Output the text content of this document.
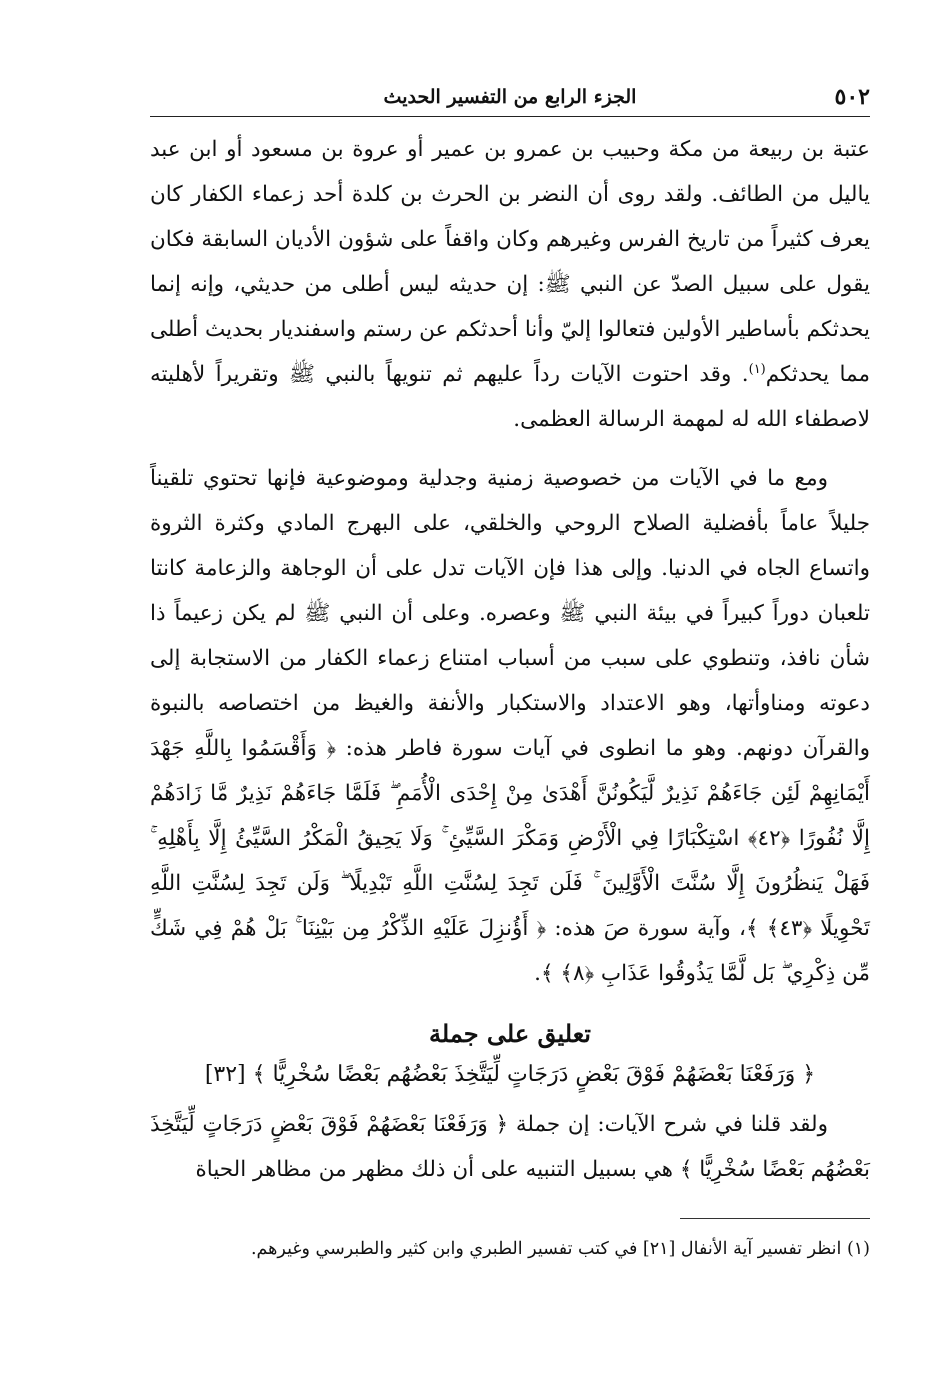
٥٠٢
الجزء الرابع من التفسير الحديث

عتبة بن ربيعة من مكة وحبيب بن عمرو بن عمير أو عروة بن مسعود أو ابن عبد ياليل من الطائف. ولقد روى أن النضر بن الحرث بن كلدة أحد زعماء الكفار كان يعرف كثيراً من تاريخ الفرس وغيرهم وكان واقفاً على شؤون الأديان السابقة فكان يقول على سبيل الصدّ عن النبي ﷺ: إن حديثه ليس أطلى من حديثي، وإنه إنما يحدثكم بأساطير الأولين فتعالوا إليّ وأنا أحدثكم عن رستم واسفنديار بحديث أطلى مما يحدثكم$^{(١)}$. وقد احتوت الآيات رداً عليهم ثم تنويهاً بالنبي ﷺ وتقريراً لأهليته لاصطفاء الله له لمهمة الرسالة العظمى.

ومع ما في الآيات من خصوصية زمنية وجدلية وموضوعية فإنها تحتوي تلقيناً جليلاً عاماً بأفضلية الصلاح الروحي والخلقي، على البهرج المادي وكثرة الثروة واتساع الجاه في الدنيا. وإلى هذا فإن الآيات تدل على أن الوجاهة والزعامة كانتا تلعبان دوراً كبيراً في بيئة النبي ﷺ وعصره. وعلى أن النبي ﷺ لم يكن زعيماً ذا شأن نافذ، وتنطوي على سبب من أسباب امتناع زعماء الكفار من الاستجابة إلى دعوته ومناوأتها، وهو الاعتداد والاستكبار والأنفة والغيظ من اختصاصه بالنبوة والقرآن دونهم. وهو ما انطوى في آيات سورة فاطر هذه: ﴿ وَأَقْسَمُوا بِاللَّهِ جَهْدَ أَيْمَانِهِمْ لَئِن جَاءَهُمْ نَذِيرٌ لَّيَكُونُنَّ أَهْدَىٰ مِنْ إِحْدَى الْأُمَمِ ۖ فَلَمَّا جَاءَهُمْ نَذِيرٌ مَّا زَادَهُمْ إِلَّا نُفُورًا ﴿٤٢﴾ اسْتِكْبَارًا فِي الْأَرْضِ وَمَكْرَ السَّيِّئِ ۚ وَلَا يَحِيقُ الْمَكْرُ السَّيِّئُ إِلَّا بِأَهْلِهِ ۚ فَهَلْ يَنظُرُونَ إِلَّا سُنَّتَ الْأَوَّلِينَ ۚ فَلَن تَجِدَ لِسُنَّتِ اللَّهِ تَبْدِيلًا ۖ وَلَن تَجِدَ لِسُنَّتِ اللَّهِ تَحْوِيلًا ﴿٤٣﴾ ﴾، وآية سورة صَ هذه: ﴿ أَؤُنزِلَ عَلَيْهِ الذِّكْرُ مِن بَيْنِنَا ۚ بَلْ هُمْ فِي شَكٍّ مِّن ذِكْرِي ۖ بَل لَّمَّا يَذُوقُوا عَذَابِ ﴿٨﴾ ﴾.

تعليق على جملة
﴿ وَرَفَعْنَا بَعْضَهُمْ فَوْقَ بَعْضٍ دَرَجَاتٍ لِّيَتَّخِذَ بَعْضُهُم بَعْضًا سُخْرِيًّا ﴾ [٣٢]

ولقد قلنا في شرح الآيات: إن جملة ﴿ وَرَفَعْنَا بَعْضَهُمْ فَوْقَ بَعْضٍ دَرَجَاتٍ لِّيَتَّخِذَ بَعْضُهُم بَعْضًا سُخْرِيًّا ﴾ هي بسبيل التنبيه على أن ذلك مظهر من مظاهر الحياة

(١) انظر تفسير آية الأنفال [٢١] في كتب تفسير الطبري وابن كثير والطبرسي وغيرهم.
